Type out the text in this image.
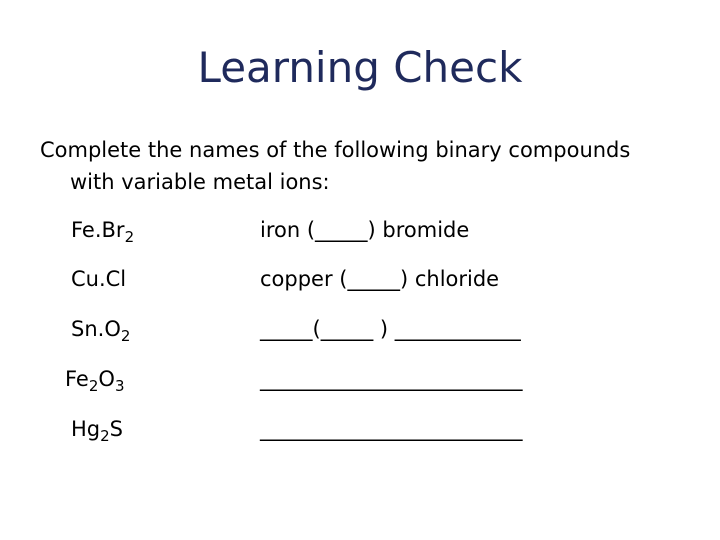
Learning Check
Complete the names of the following binary compounds
with variable metal ions:
$Fe.Br_2$	iron (_____) bromide
Cu.Cl	copper (_____) chloride
$Sn.O_2$	_____(_____ ) ____________
$Fe_2O_3$	_________________________
$Hg_2S$	_________________________
